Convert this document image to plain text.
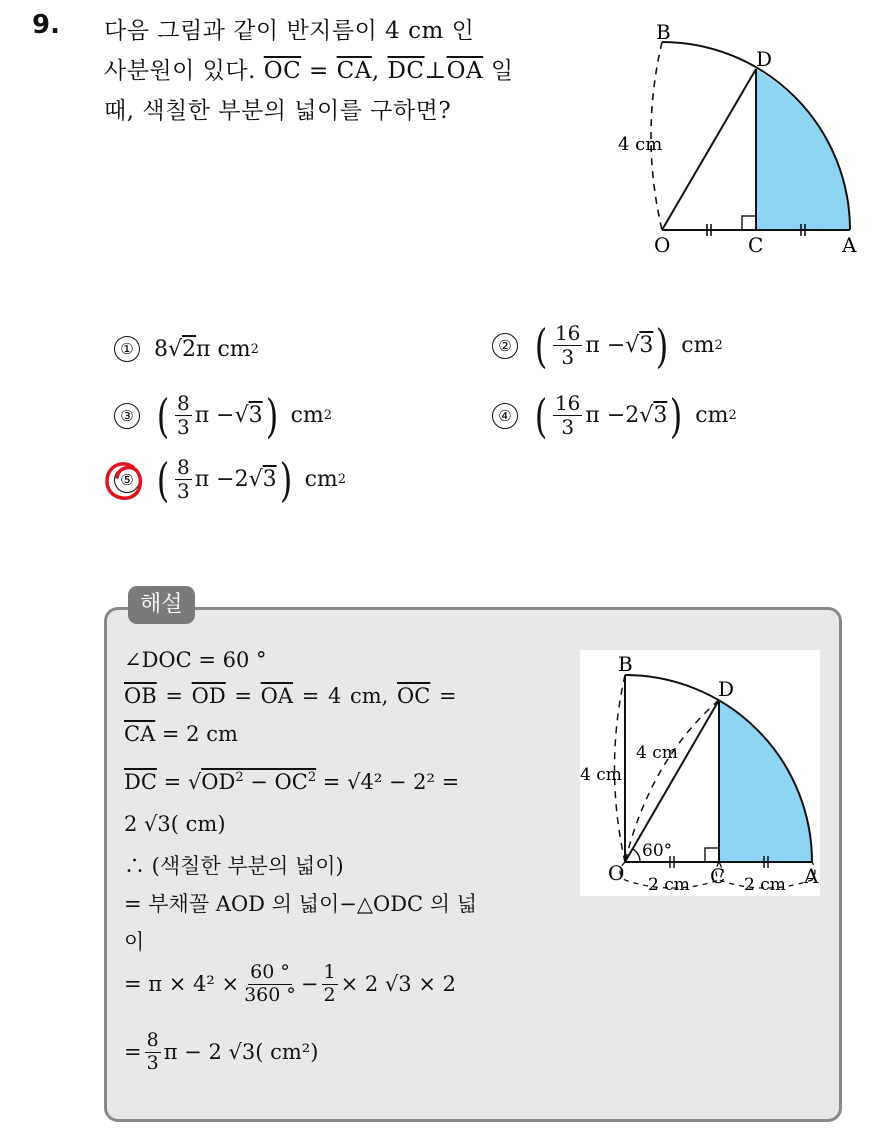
9. 다음 그림과 같이 반지름이 4 cm 인
사분원이 있다. $\overline{OC} = \overline{CA}$, $\overline{DC}\perp\overline{OA}$ 일
때, 색칠한 부분의 넓이를 구하면?
B
D
O	C	A
4 cm
① 8 √ 2 π cm 2	② ( $\frac{16}{3}$ π − √ 3 ) cm 2
③ ( $\frac{8}{3}$ π − √ 3 ) cm 2	④ ( $\frac{16}{3}$ π − 2 √ 3 ) cm 2
⑤ ( $\frac{8}{3}$ π − 2 √ 3 ) cm 2
해설
∠DOC = 60 °
$\overline{OB} = \overline{OD} = \overline{OA} = 4$ cm, $\overline{OC}$ =
$\overline{CA} = 2$ cm
$\overline{DC} = √OD^2 - OC^2 = √4^2 - 2^2$ =
2 √3( cm)
∴ (색칠한 부분의 넓이)
= 부채꼴 AOD 의 넓이−△ODC 의 넓
이
= $\pi \times 4^2 \times \frac{60 ^\circ}{360 ^\circ} - \frac{1}{2} \times 2$ √3 × 2
= $\frac{8}{3}$ π − 2 √3( cm²)
B
D
O	C	A
4 cm
4 cm
60°
2 cm	2 cm
